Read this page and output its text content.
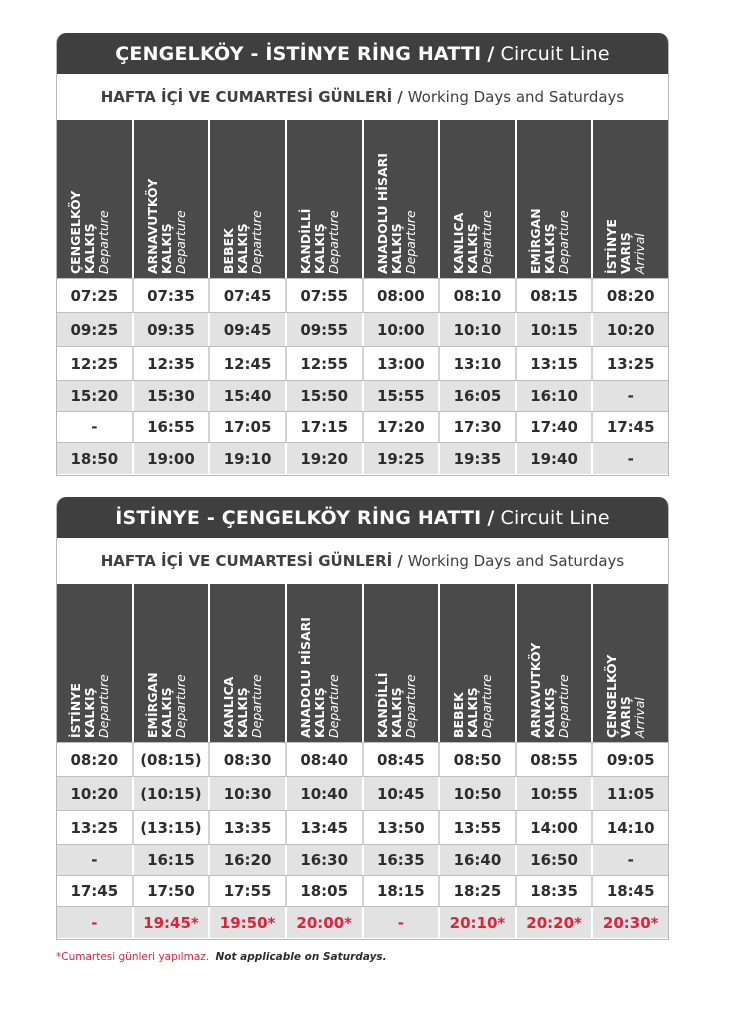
ÇENGELKÖY - İSTİNYE RİNG HATTI / Circuit Line
HAFTA İÇİ VE CUMARTESİ GÜNLERİ / Working Days and Saturdays
ÇENGELKÖY KALKIŞ Departure	ARNAVUTKÖY KALKIŞ Departure	BEBEK KALKIŞ Departure	KANDİLLİ KALKIŞ Departure	ANADOLU HİSARI KALKIŞ Departure	KANLICA KALKIŞ Departure	EMİRGAN KALKIŞ Departure	İSTİNYE VARIŞ Arrival
07:25	07:35	07:45	07:55	08:00	08:10	08:15	08:20
09:25	09:35	09:45	09:55	10:00	10:10	10:15	10:20
12:25	12:35	12:45	12:55	13:00	13:10	13:15	13:25
15:20	15:30	15:40	15:50	15:55	16:05	16:10	-
-	16:55	17:05	17:15	17:20	17:30	17:40	17:45
18:50	19:00	19:10	19:20	19:25	19:35	19:40	-
İSTİNYE - ÇENGELKÖY RİNG HATTI / Circuit Line
HAFTA İÇİ VE CUMARTESİ GÜNLERİ / Working Days and Saturdays
İSTİNYE KALKIŞ Departure	EMİRGAN KALKIŞ Departure	KANLICA KALKIŞ Departure	ANADOLU HİSARI KALKIŞ Departure	KANDİLLİ KALKIŞ Departure	BEBEK KALKIŞ Departure	ARNAVUTKÖY KALKIŞ Departure	ÇENGELKÖY VARIŞ Arrival
08:20	(08:15)	08:30	08:40	08:45	08:50	08:55	09:05
10:20	(10:15)	10:30	10:40	10:45	10:50	10:55	11:05
13:25	(13:15)	13:35	13:45	13:50	13:55	14:00	14:10
-	16:15	16:20	16:30	16:35	16:40	16:50	-
17:45	17:50	17:55	18:05	18:15	18:25	18:35	18:45
-	19:45*	19:50*	20:00*	-	20:10*	20:20*	20:30*
*Cumartesi günleri yapılmaz. Not applicable on Saturdays.
